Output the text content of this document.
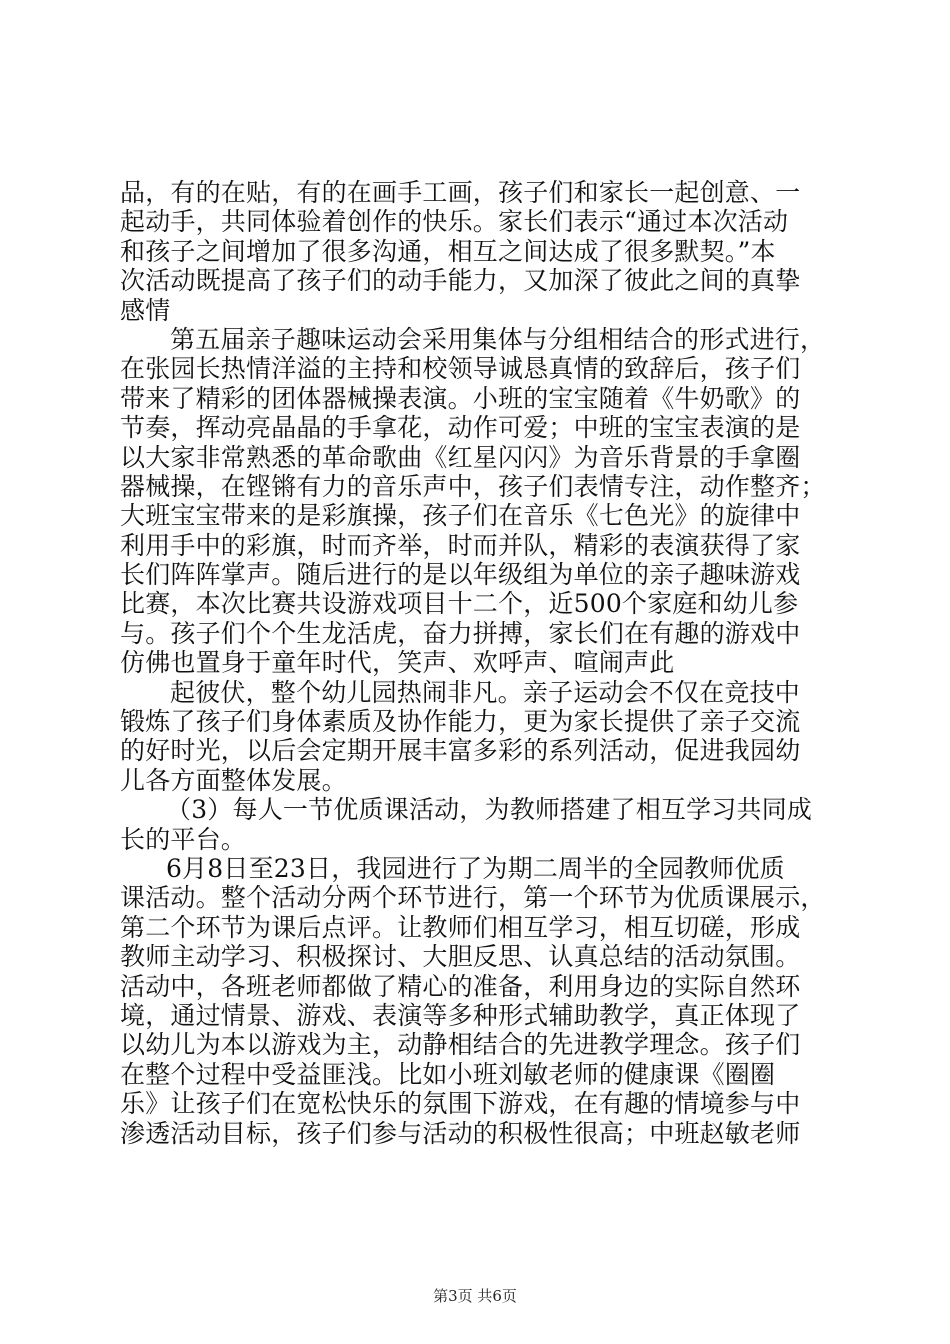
品，有的在贴，有的在画手工画，孩子们和家长一起创意、一
起动手，共同体验着创作的快乐。家长们表示“通过本次活动
和孩子之间增加了很多沟通，相互之间达成了很多默契。”本
次活动既提高了孩子们的动手能力，又加深了彼此之间的真挚
感情
第五届亲子趣味运动会采用集体与分组相结合的形式进行，
在张园长热情洋溢的主持和校领导诚恳真情的致辞后，孩子们
带来了精彩的团体器械操表演。小班的宝宝随着《牛奶歌》的
节奏，挥动亮晶晶的手拿花，动作可爱；中班的宝宝表演的是
以大家非常熟悉的革命歌曲《红星闪闪》为音乐背景的手拿圈
器械操，在铿锵有力的音乐声中，孩子们表情专注，动作整齐；
大班宝宝带来的是彩旗操，孩子们在音乐《七色光》的旋律中
利用手中的彩旗，时而齐举，时而并队，精彩的表演获得了家
长们阵阵掌声。随后进行的是以年级组为单位的亲子趣味游戏
比赛，本次比赛共设游戏项目十二个，近500个家庭和幼儿参
与。孩子们个个生龙活虎，奋力拼搏，家长们在有趣的游戏中
仿佛也置身于童年时代，笑声、欢呼声、喧闹声此
起彼伏，整个幼儿园热闹非凡。亲子运动会不仅在竞技中
锻炼了孩子们身体素质及协作能力，更为家长提供了亲子交流
的好时光，以后会定期开展丰富多彩的系列活动，促进我园幼
儿各方面整体发展。
（3）每人一节优质课活动，为教师搭建了相互学习共同成
长的平台。
6月8日至23日，我园进行了为期二周半的全园教师优质
课活动。整个活动分两个环节进行，第一个环节为优质课展示，
第二个环节为课后点评。让教师们相互学习，相互切磋，形成
教师主动学习、积极探讨、大胆反思、认真总结的活动氛围。
活动中，各班老师都做了精心的准备，利用身边的实际自然环
境，通过情景、游戏、表演等多种形式辅助教学，真正体现了
以幼儿为本以游戏为主，动静相结合的先进教学理念。孩子们
在整个过程中受益匪浅。比如小班刘敏老师的健康课《圈圈
乐》让孩子们在宽松快乐的氛围下游戏，在有趣的情境参与中
渗透活动目标，孩子们参与活动的积极性很高；中班赵敏老师
第3页 共6页
